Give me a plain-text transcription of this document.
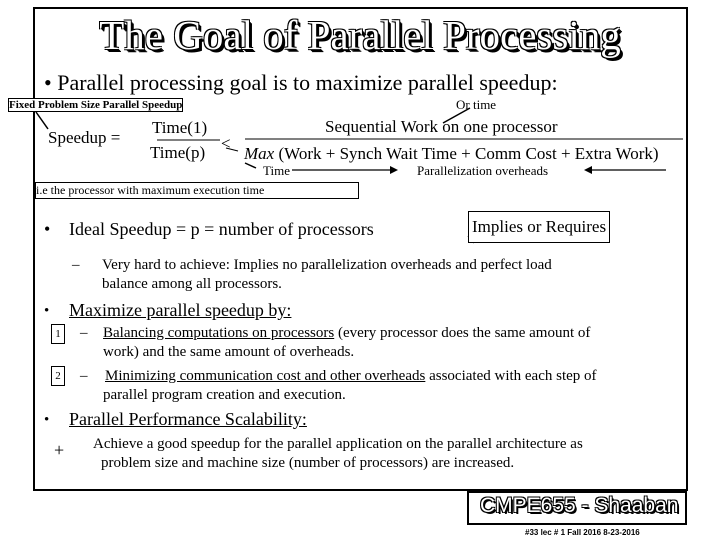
The Goal of Parallel Processing
• Parallel processing goal is to maximize parallel speedup:
Fixed Problem Size Parallel Speedup	Or time
Speedup =
Time(1)
Time(p) <
Sequential Work on one processor
Max (Work + Synch Wait Time + Comm Cost + Extra Work)
Time	Parallelization overheads
i.e the processor with maximum execution time
• Ideal Speedup = p = number of processors	Implies or Requires
– Very hard to achieve: Implies no parallelization overheads and perfect load
balance among all processors.
• Maximize parallel speedup by:
1 – Balancing computations on processors (every processor does the same amount of
work) and the same amount of overheads.
2 – Minimizing communication cost and other overheads associated with each step of
parallel program creation and execution.
• Parallel Performance Scalability:
+ Achieve a good speedup for the parallel application on the parallel architecture as
problem size and machine size (number of processors) are increased.
CMPE655 - Shaaban
#33 lec # 1 Fall 2016 8-23-2016
